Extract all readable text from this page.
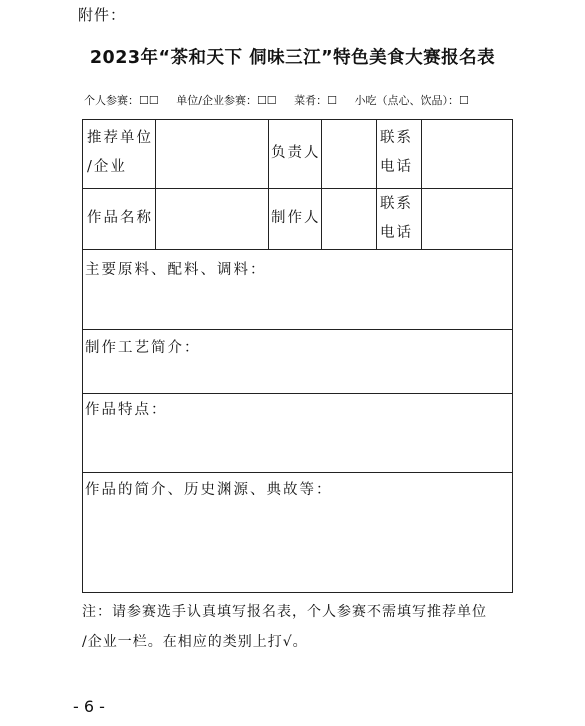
附件：
2023年“茶和天下 侗味三江”特色美食大赛报名表
个人参赛：☐☐ 单位/企业参赛：☐☐ 菜肴：☐ 小吃（点心、饮品）：☐
推荐单位
/企业
负责人
联系
电话
作品名称	制作人
联系
电话
主要原料、配料、调料：
制作工艺简介：
作品特点：
作品的简介、历史渊源、典故等：
注：请参赛选手认真填写报名表，个人参赛不需填写推荐单位
/企业一栏。在相应的类别上打√。
- 6 -
